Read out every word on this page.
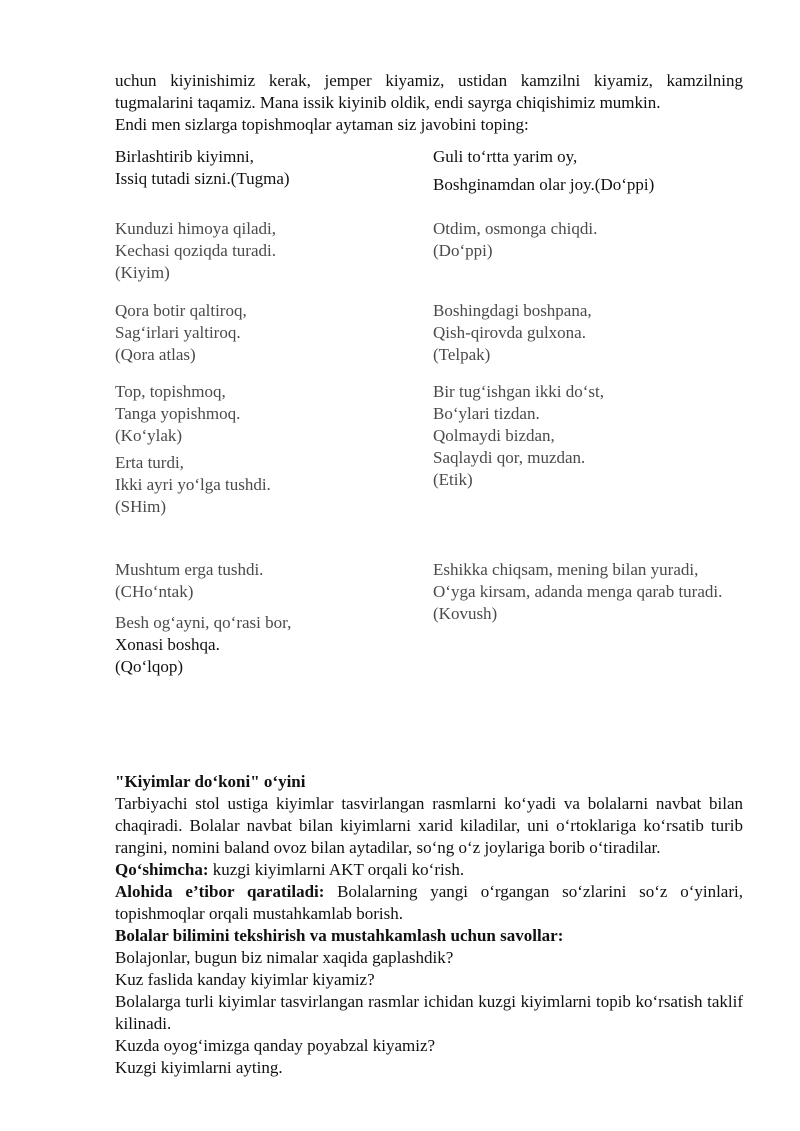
uchun kiyinishimiz kerak, jemper kiyamiz, ustidan kamzilni kiyamiz, kamzilning tugmalarini taqamiz. Mana issik kiyinib oldik, endi sayrga chiqishimiz mumkin.

Endi men sizlarga topishmoqlar aytaman siz javobini toping:

Birlashtirib kiyimni,
Issiq tutadi sizni.(Tugma)
Kunduzi himoya qiladi,
Kechasi qoziqda turadi.
(Kiyim)
Qora botir qaltiroq,
Sag‘irlari yaltiroq.
(Qora atlas)
Top, topishmoq,
Tanga yopishmoq.
(Ko‘ylak)
Erta turdi,
Ikki ayri yo‘lga tushdi.
(SHim)
Mushtum erga tushdi.
(CHo‘ntak)
Besh og‘ayni, qo‘rasi bor,
Xonasi boshqa.
(Qo‘lqop)
Guli to‘rtta yarim oy,
Boshginamdan olar joy.(Do‘ppi)
Otdim, osmonga chiqdi.
(Do‘ppi)
Boshingdagi boshpana,
Qish-qirovda gulxona.
(Telpak)
Bir tug‘ishgan ikki do‘st,
Bo‘ylari tizdan.
Qolmaydi bizdan,
Saqlaydi qor, muzdan.
(Etik)
Eshikka chiqsam, mening bilan yuradi,
O‘yga kirsam, adanda menga qarab turadi.
(Kovush)

"Kiyimlar do‘koni" o‘yini

Tarbiyachi stol ustiga kiyimlar tasvirlangan rasmlarni ko‘yadi va bolalarni navbat bilan chaqiradi. Bolalar navbat bilan kiyimlarni xarid kiladilar, uni o‘rtoklariga ko‘rsatib turib rangini, nomini baland ovoz bilan aytadilar, so‘ng o‘z joylariga borib o‘tiradilar.

Qo‘shimcha: kuzgi kiyimlarni AKT orqali ko‘rish.

Alohida e’tibor qaratiladi: Bolalarning yangi o‘rgangan so‘zlarini so‘z o‘yinlari, topishmoqlar orqali mustahkamlab borish.

Bolalar bilimini tekshirish va mustahkamlash uchun savollar:

Bolajonlar, bugun biz nimalar xaqida gaplashdik?

Kuz faslida kanday kiyimlar kiyamiz?

Bolalarga turli kiyimlar tasvirlangan rasmlar ichidan kuzgi kiyimlarni topib ko‘rsatish taklif kilinadi.

Kuzda oyog‘imizga qanday poyabzal kiyamiz?

Kuzgi kiyimlarni ayting.
